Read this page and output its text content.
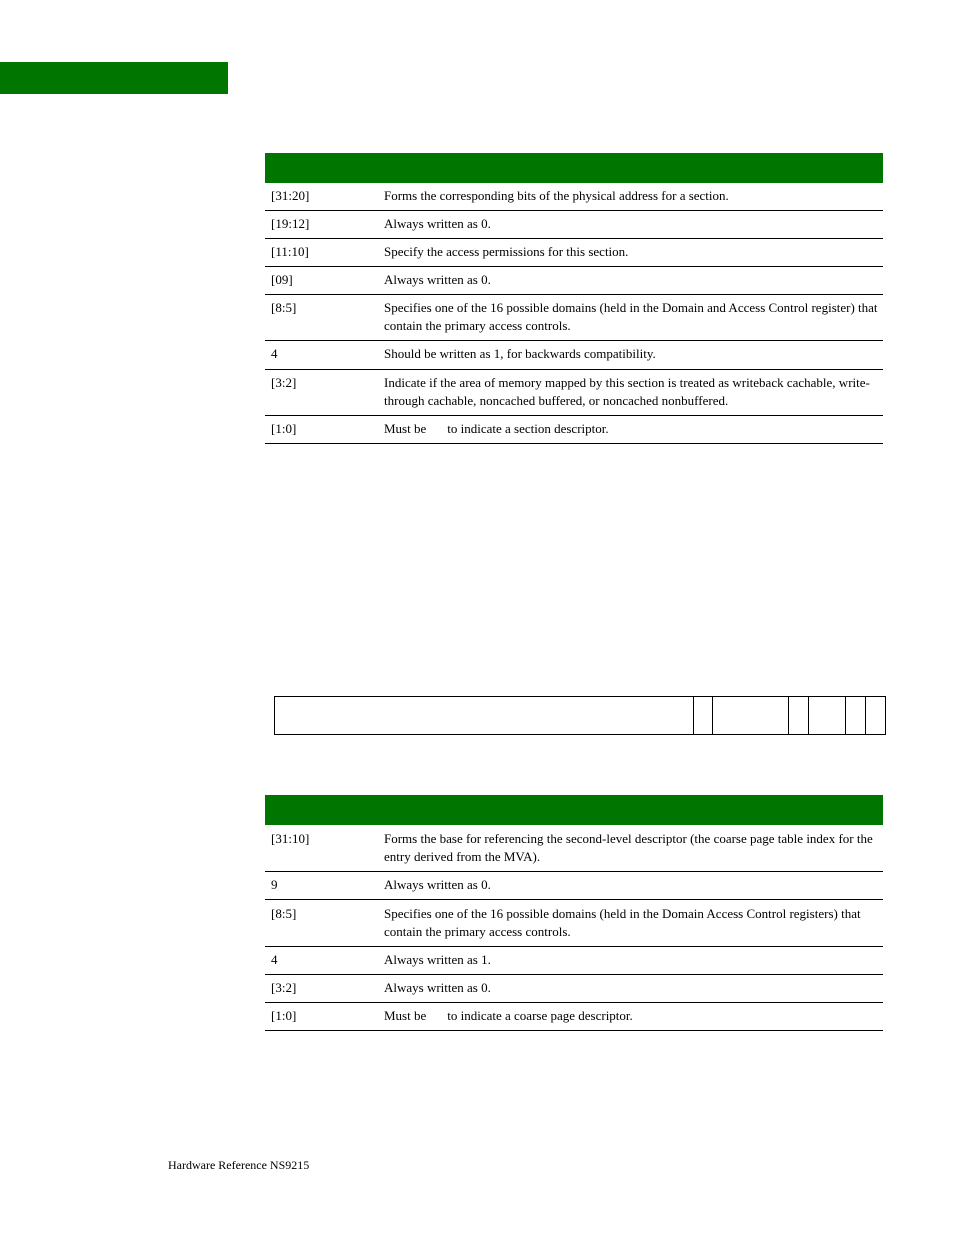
[31:20]	Forms the corresponding bits of the physical address for a section.
[19:12]	Always written as 0.
[11:10]	Specify the access permissions for this section.
[09]	Always written as 0.
[8:5]	Specifies one of the 16 possible domains (held in the Domain and Access Control register) that contain the primary access controls.
4	Should be written as 1, for backwards compatibility.
[3:2]	Indicate if the area of memory mapped by this section is treated as writeback cachable, write-through cachable, noncached buffered, or noncached nonbuffered.
[1:0]	Must be to indicate a section descriptor.
[31:10]	Forms the base for referencing the second-level descriptor (the coarse page table index for the entry derived from the MVA).
9	Always written as 0.
[8:5]	Specifies one of the 16 possible domains (held in the Domain Access Control registers) that contain the primary access controls.
4	Always written as 1.
[3:2]	Always written as 0.
[1:0]	Must be to indicate a coarse page descriptor.
Hardware Reference NS9215
